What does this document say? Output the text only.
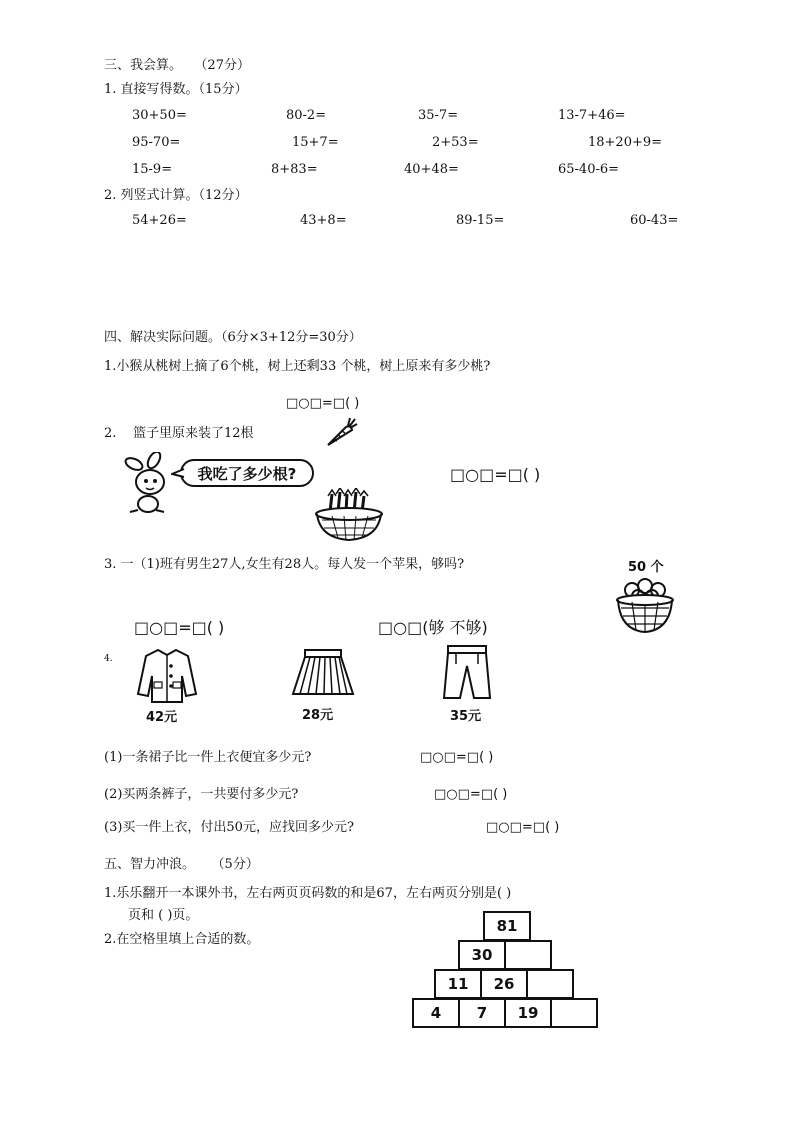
三、我会算。 （27分）
1. 直接写得数。（15分）
30+50=	80-2=	35-7=	13-7+46=
95-70=	15+7=	2+53=	18+20+9=
15-9=	8+83=	40+48=	65-40-6=
2. 列竖式计算。（12分）
54+26=	43+8=	89-15=	60-43=
四、解决实际问题。（6分×3+12分=30分）
1.小猴从桃树上摘了6个桃，树上还剩33 个桃，树上原来有多少桃?
□○□=□( )
2. 篮子里原来装了12根
我吃了多少根?	□○□=□( )
3. 一（1)班有男生27人,女生有28人。每人发一个苹果，够吗?	50 个
□○□=□( )	□○□(够 不够)
4.
42元	28元	35元
(1)一条裙子比一件上衣便宜多少元?	□○□=□( )
(2)买两条裤子，一共要付多少元?	□○□=□( )
(3)买一件上衣，付出50元，应找回多少元?	□○□=□( )
五、智力冲浪。 （5分）
1.乐乐翻开一本课外书，左右两页页码数的和是67，左右两页分别是( )
页和 ( )页。
2.在空格里填上合适的数。
81
30
11	26
4	7	19
